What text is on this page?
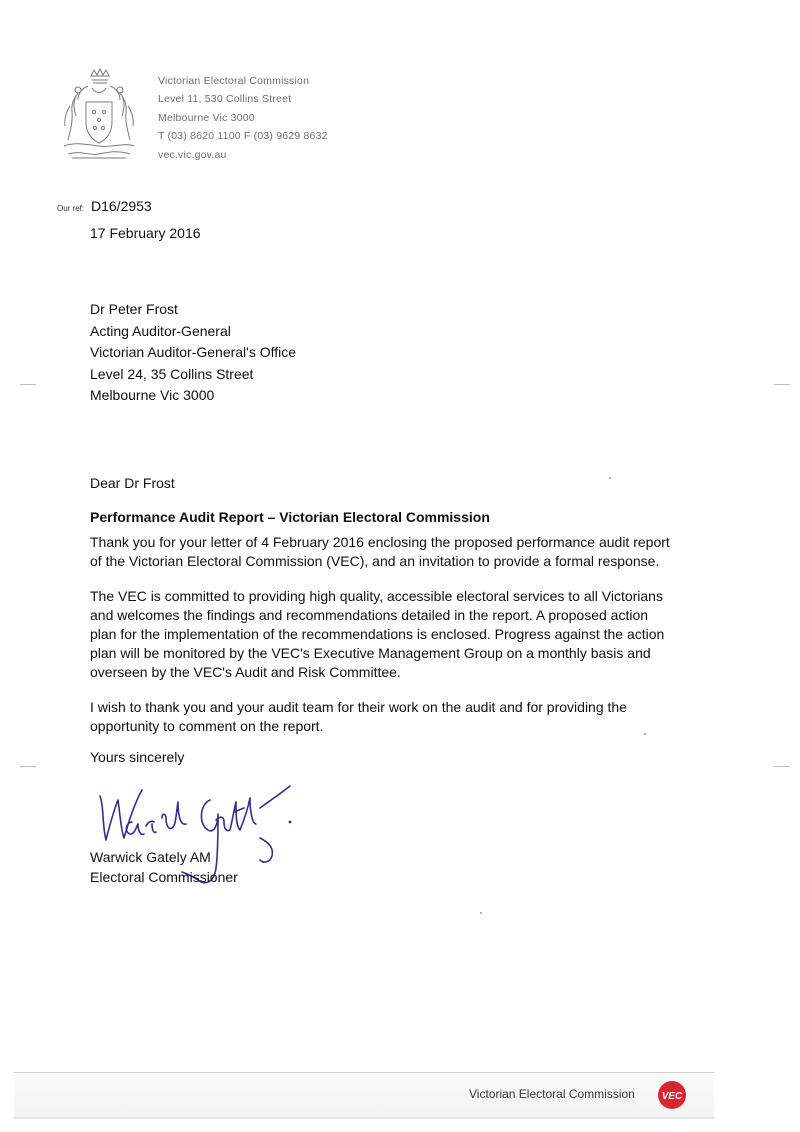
Victorian Electoral Commission
Level 11, 530 Collins Street
Melbourne Vic 3000
T (03) 8620 1100 F (03) 9629 8632
vec.vic.gov.au
Our ref: D16/2953
17 February 2016
Dr Peter Frost
Acting Auditor-General
Victorian Auditor-General's Office
Level 24, 35 Collins Street
Melbourne Vic 3000
Dear Dr Frost
Performance Audit Report – Victorian Electoral Commission
Thank you for your letter of 4 February 2016 enclosing the proposed performance audit report
of the Victorian Electoral Commission (VEC), and an invitation to provide a formal response.
The VEC is committed to providing high quality, accessible electoral services to all Victorians
and welcomes the findings and recommendations detailed in the report. A proposed action
plan for the implementation of the recommendations is enclosed. Progress against the action
plan will be monitored by the VEC's Executive Management Group on a monthly basis and
overseen by the VEC's Audit and Risk Committee.
I wish to thank you and your audit team for their work on the audit and for providing the
opportunity to comment on the report.
Yours sincerely
Warwick Gately AM
Electoral Commissioner
Victorian Electoral Commission	VEC
